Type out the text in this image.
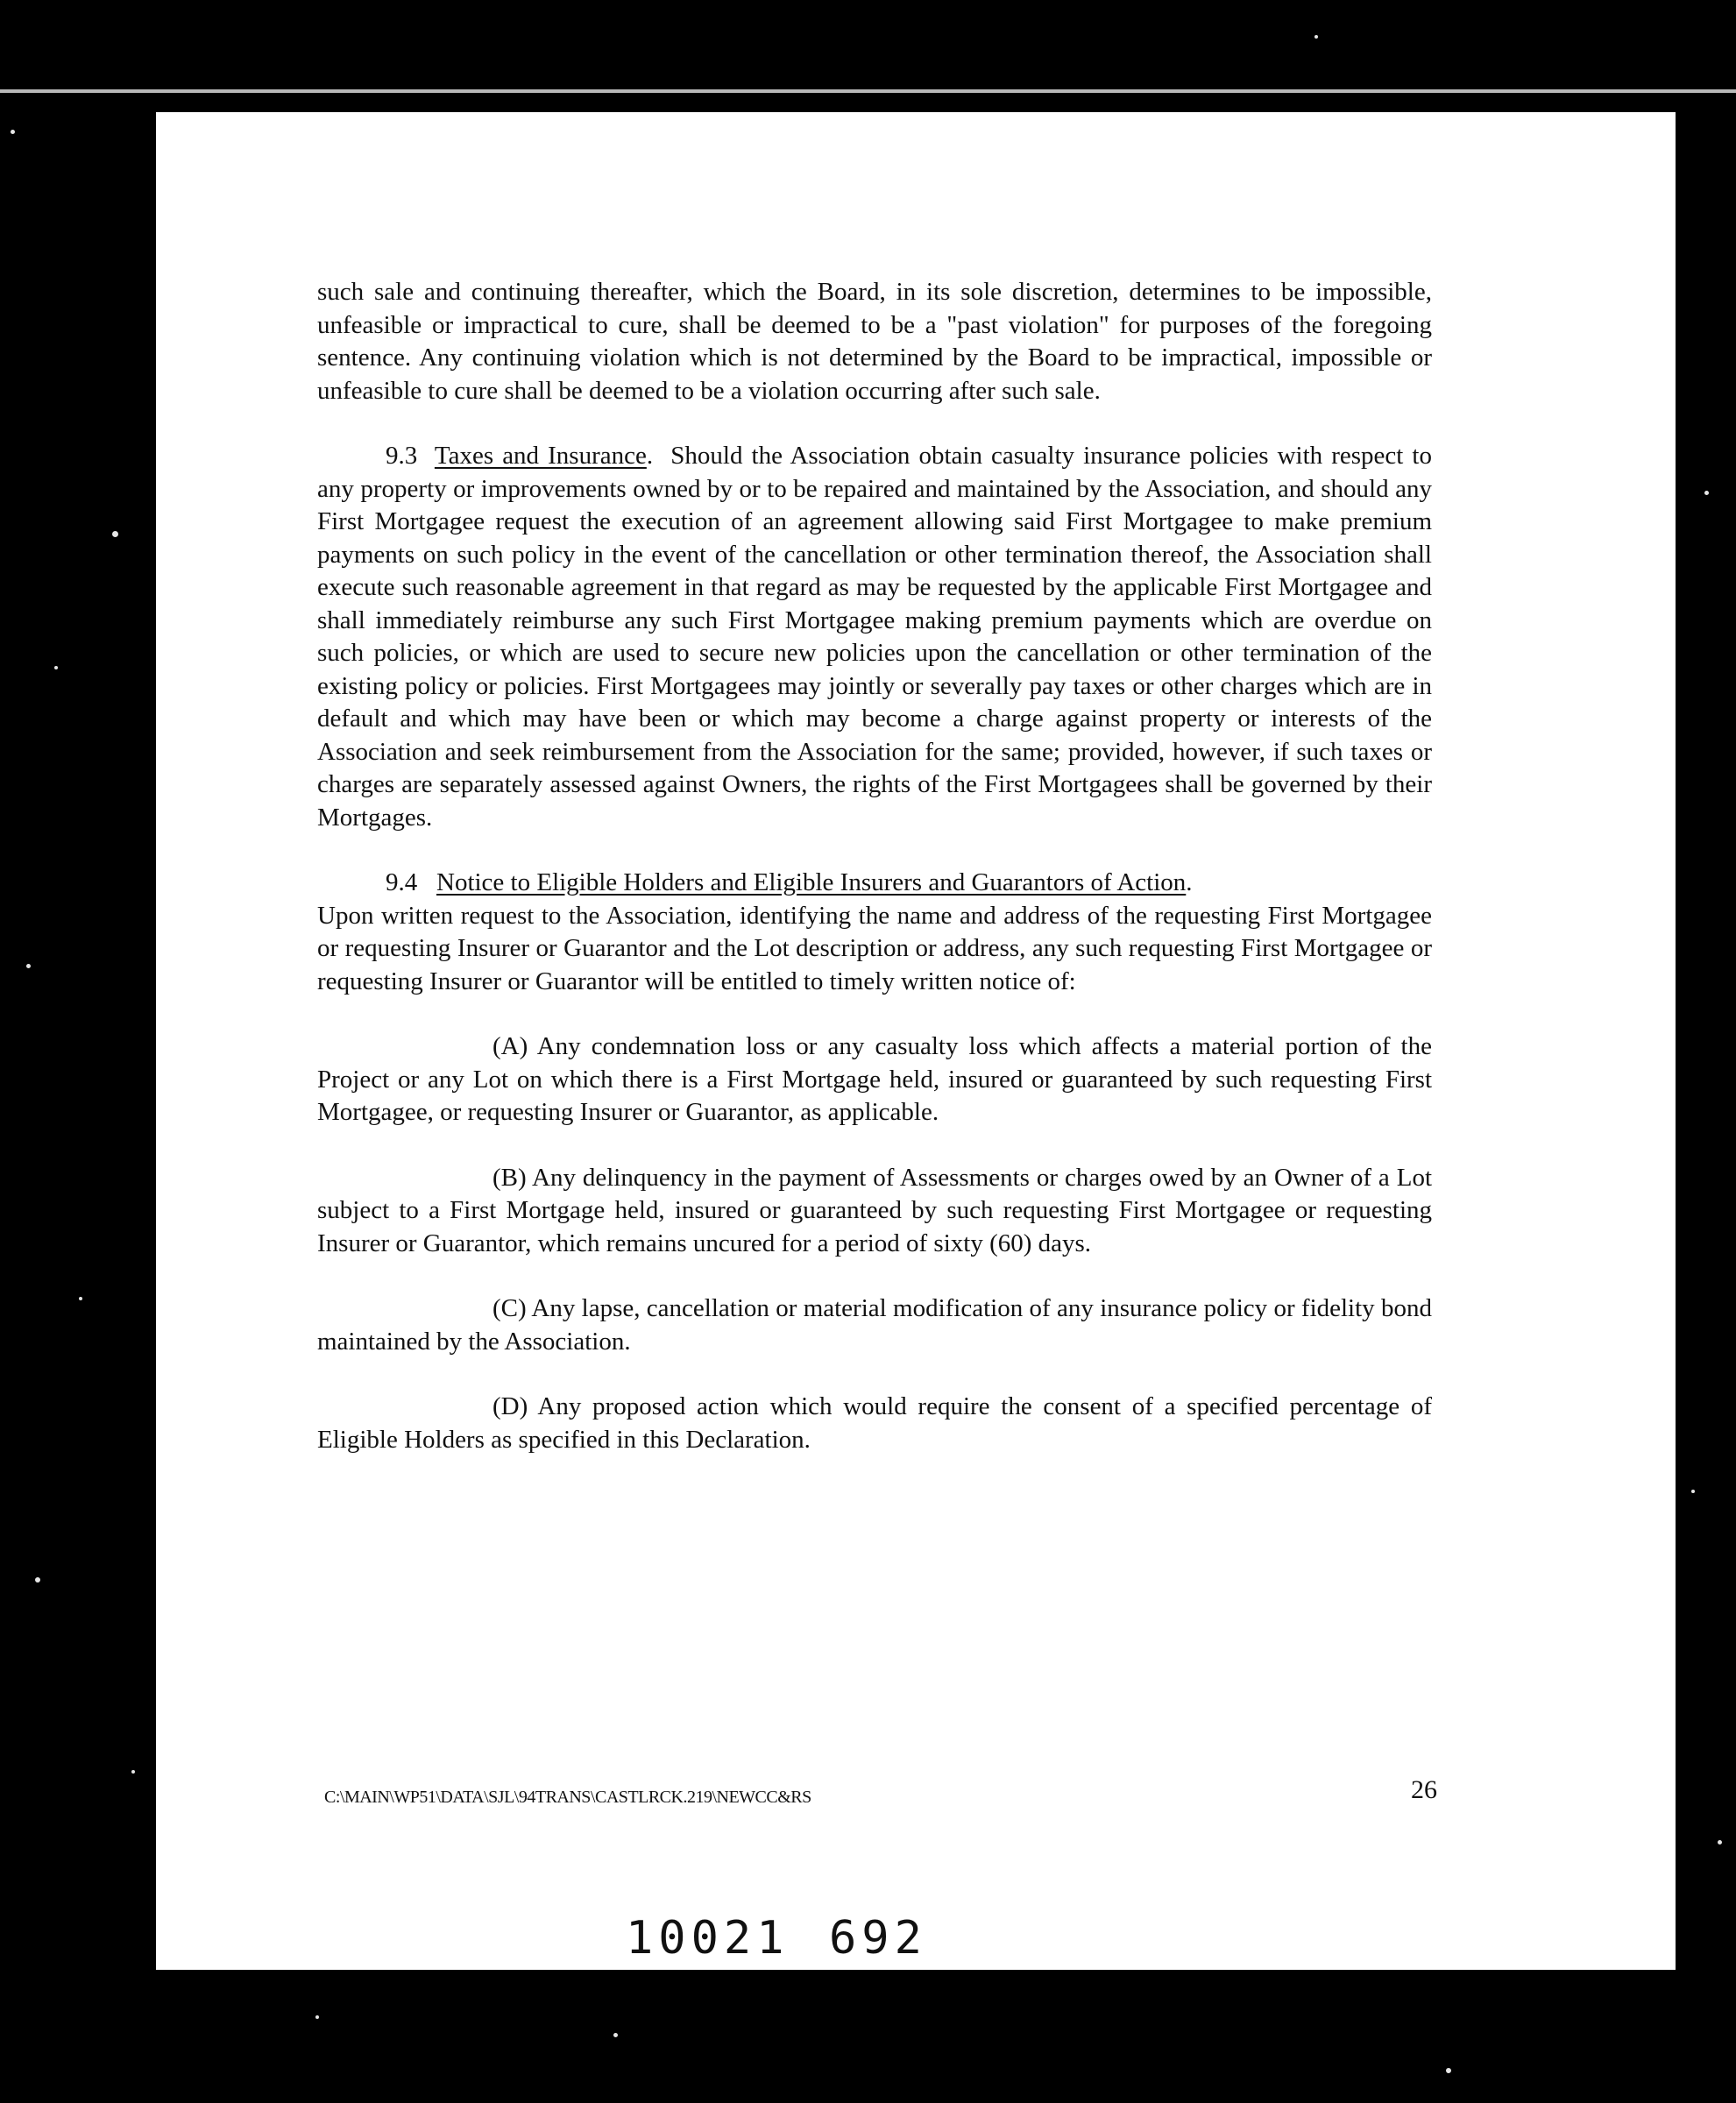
such sale and continuing thereafter, which the Board, in its sole discretion, determines to be impossible, unfeasible or impractical to cure, shall be deemed to be a "past violation" for purposes of the foregoing sentence. Any continuing violation which is not determined by the Board to be impractical, impossible or unfeasible to cure shall be deemed to be a violation occurring after such sale.

9.3 Taxes and Insurance.  Should the Association obtain casualty insurance policies with respect to any property or improvements owned by or to be repaired and maintained by the Association, and should any First Mortgagee request the execution of an agreement allowing said First Mortgagee to make premium payments on such policy in the event of the cancellation or other termination thereof, the Association shall execute such reasonable agreement in that regard as may be requested by the applicable First Mortgagee and shall immediately reimburse any such First Mortgagee making premium payments which are overdue on such policies, or which are used to secure new policies upon the cancellation or other termination of the existing policy or policies. First Mortgagees may jointly or severally pay taxes or other charges which are in default and which may have been or which may become a charge against property or interests of the Association and seek reimbursement from the Association for the same; provided, however, if such taxes or charges are separately assessed against Owners, the rights of the First Mortgagees shall be governed by their Mortgages.

9.4 Notice to Eligible Holders and Eligible Insurers and Guarantors of Action.
Upon written request to the Association, identifying the name and address of the requesting First Mortgagee or requesting Insurer or Guarantor and the Lot description or address, any such requesting First Mortgagee or requesting Insurer or Guarantor will be entitled to timely written notice of:

(A) Any condemnation loss or any casualty loss which affects a material portion of the Project or any Lot on which there is a First Mortgage held, insured or guaranteed by such requesting First Mortgagee, or requesting Insurer or Guarantor, as applicable.

(B) Any delinquency in the payment of Assessments or charges owed by an Owner of a Lot subject to a First Mortgage held, insured or guaranteed by such requesting First Mortgagee or requesting Insurer or Guarantor, which remains uncured for a period of sixty (60) days.

(C) Any lapse, cancellation or material modification of any insurance policy or fidelity bond maintained by the Association.

(D) Any proposed action which would require the consent of a specified percentage of Eligible Holders as specified in this Declaration.

C:\MAIN\WP51\DATA\SJL\94TRANS\CASTLRCK.219\NEWCC&RS	26
10021 692
